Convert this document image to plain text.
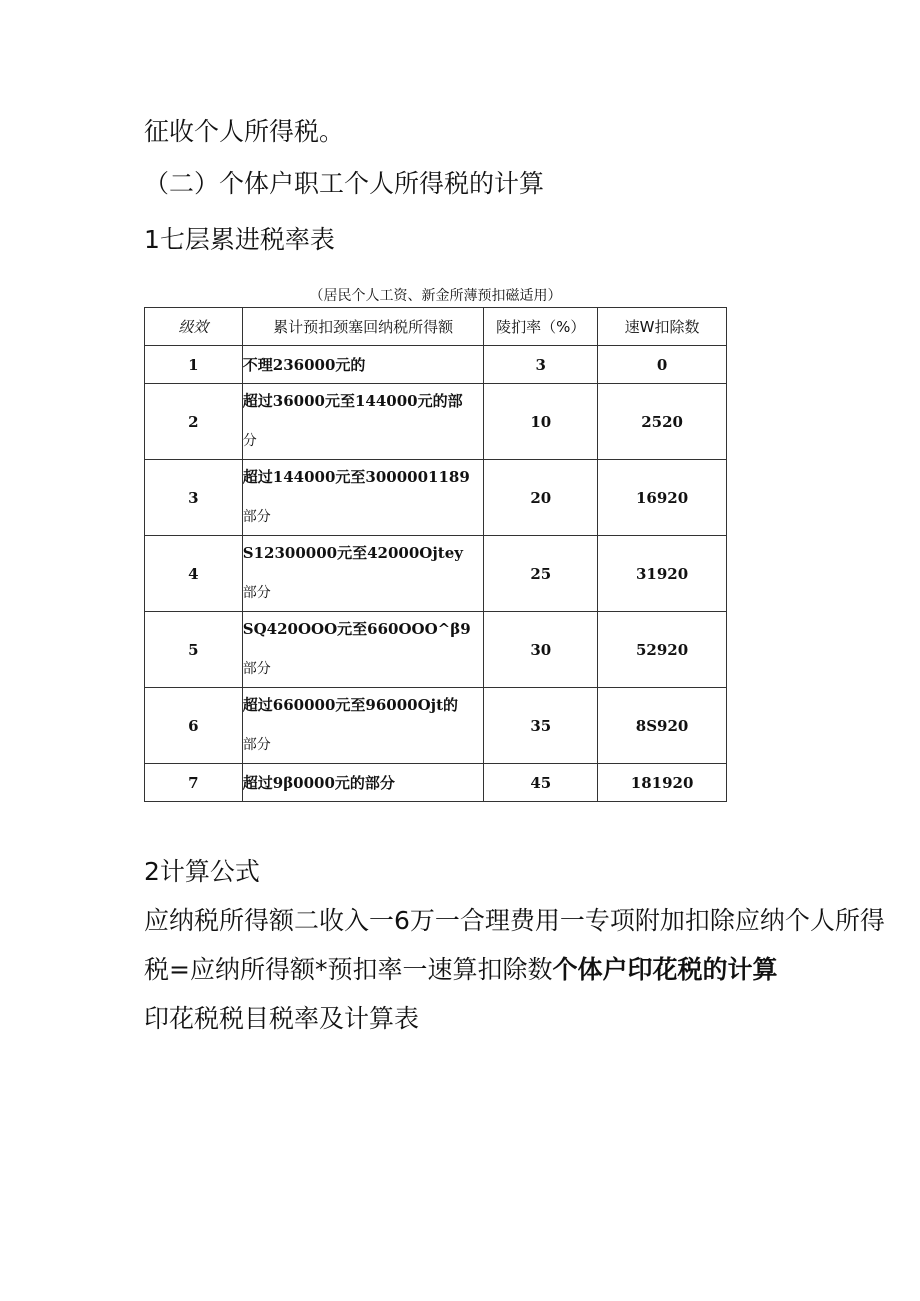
征收个人所得税。
（二）个体户职工个人所得税的计算
1七层累进税率表
（居民个人工资、新金所薄预扣磁适用）
级效	累计预扣颈塞回纳税所得额	陵扪率（%）	速W扣除数
1	不理236000元的	3	0
2	超过36000元至144000元的部
分	10	2520
3	超过144000元至3000001189
部分	20	16920
4	S12300000元至42000Ojtey
部分	25	31920
5	SQ420OOO元至660OOO^β9
部分	30	52920
6	超过660000元至96000Ojt的
部分	35	8S920
7	超过9β0000元的部分	45	181920
2计算公式
应纳税所得额二收入一6万一合理费用一专项附加扣除应纳个人所得
税=应纳所得额*预扣率一速算扣除数个体户印花税的计算
印花税税目税率及计算表
